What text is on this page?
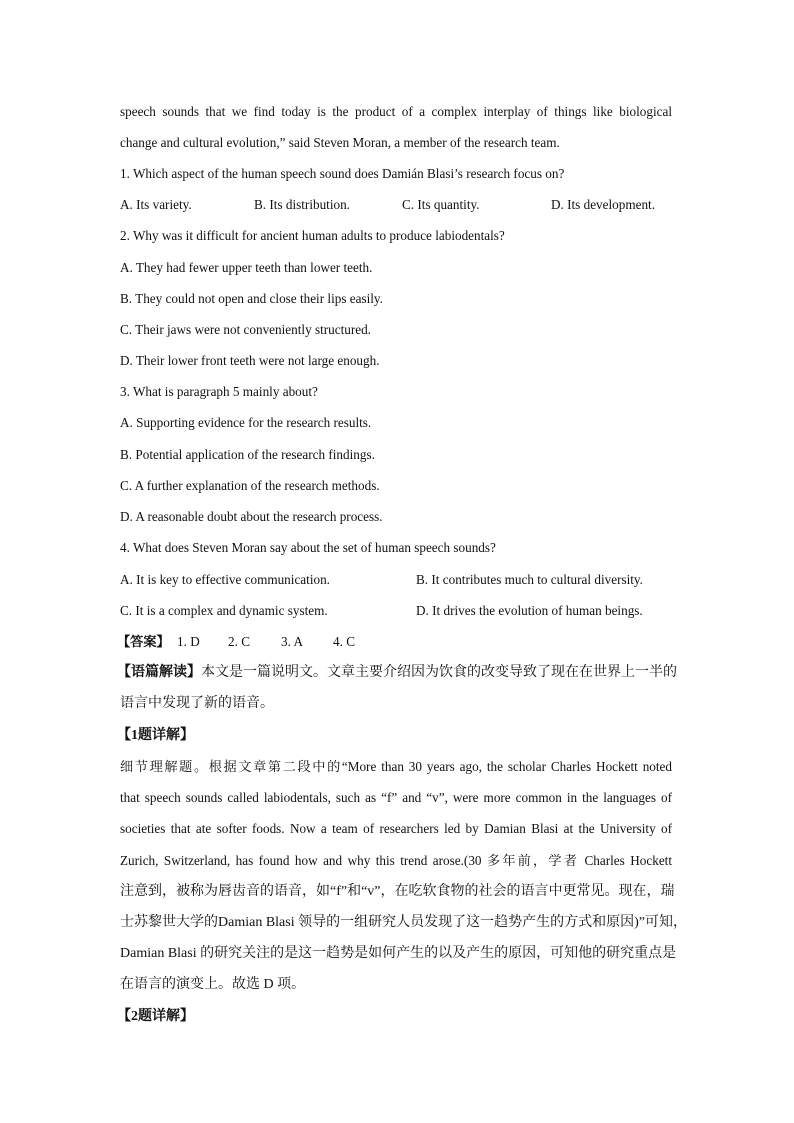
speech sounds that we find today is the product of a complex interplay of things like biological
change and cultural evolution,” said Steven Moran, a member of the research team.
1. Which aspect of the human speech sound does Damián Blasi’s research focus on?
A. Its variety.	B. Its distribution.	C. Its quantity.	D. Its development.
2. Why was it difficult for ancient human adults to produce labiodentals?
A. They had fewer upper teeth than lower teeth.
B. They could not open and close their lips easily.
C. Their jaws were not conveniently structured.
D. Their lower front teeth were not large enough.
3. What is paragraph 5 mainly about?
A. Supporting evidence for the research results.
B. Potential application of the research findings.
C. A further explanation of the research methods.
D. A reasonable doubt about the research process.
4. What does Steven Moran say about the set of human speech sounds?
A. It is key to effective communication.	B. It contributes much to cultural diversity.
C. It is a complex and dynamic system.	D. It drives the evolution of human beings.
【答案】 1. D 2. C 3. A 4. C
【语篇解读】本文是一篇说明文。文章主要介绍因为饮食的改变导致了现在在世界上一半的
语言中发现了新的语音。
【1题详解】
细节理解题。根据文章第二段中的“More than 30 years ago, the scholar Charles Hockett noted
that speech sounds called labiodentals, such as “f” and “v”, were more common in the languages of
societies that ate softer foods. Now a team of researchers led by Damian Blasi at the University of
Zurich, Switzerland, has found how and why this trend arose.(30 多年前，学者 Charles Hockett
注意到，被称为唇齿音的语音，如“f”和“v”，在吃软食物的社会的语言中更常见。现在，瑞
士苏黎世大学的Damian Blasi 领导的一组研究人员发现了这一趋势产生的方式和原因)”可知，
Damian Blasi 的研究关注的是这一趋势是如何产生的以及产生的原因，可知他的研究重点是
在语言的演变上。故选 D 项。
【2题详解】
